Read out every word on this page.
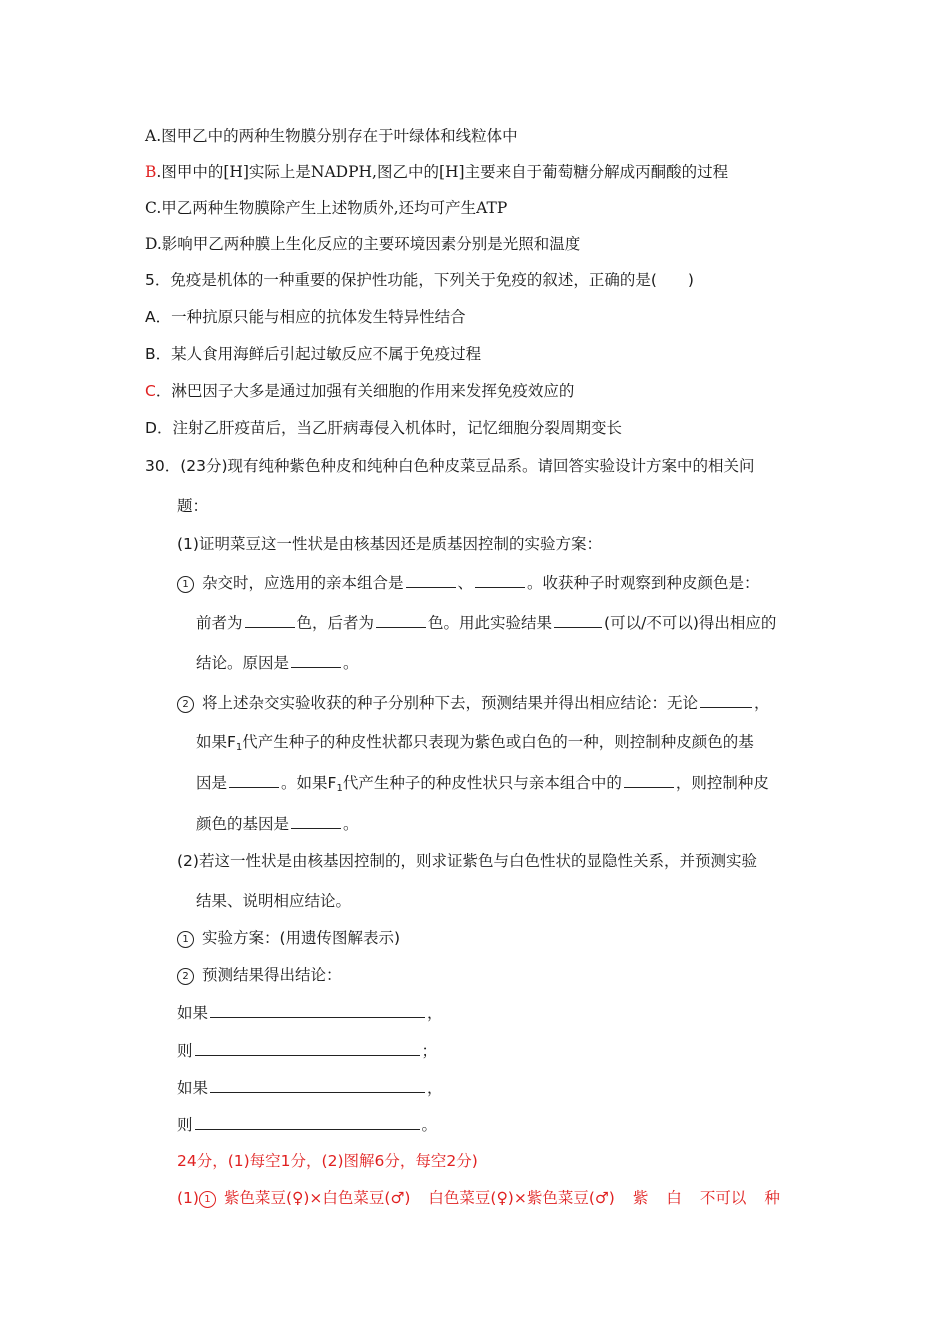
A.图甲乙中的两种生物膜分别存在于叶绿体和线粒体中
B.图甲中的[H]实际上是NADPH,图乙中的[H]主要来自于葡萄糖分解成丙酮酸的过程
C.甲乙两种生物膜除产生上述物质外,还均可产生ATP
D.影响甲乙两种膜上生化反应的主要环境因素分别是光照和温度
5．免疫是机体的一种重要的保护性功能，下列关于免疫的叙述，正确的是(　　)
A．一种抗原只能与相应的抗体发生特异性结合
B．某人食用海鲜后引起过敏反应不属于免疫过程
C．淋巴因子大多是通过加强有关细胞的作用来发挥免疫效应的
D．注射乙肝疫苗后，当乙肝病毒侵入机体时，记忆细胞分裂周期变长
30．(23分)现有纯种紫色种皮和纯种白色种皮菜豆品系。请回答实验设计方案中的相关问
题：
(1)证明菜豆这一性状是由核基因还是质基因控制的实验方案：
1 杂交时，应选用的亲本组合是	、	。收获种子时观察到种皮颜色是：
前者为	色，后者为	色。用此实验结果	(可以/不可以)得出相应的
结论。原因是	。
2 将上述杂交实验收获的种子分别种下去，预测结果并得出相应结论：无论	，
如果$F_1$代产生种子的种皮性状都只表现为紫色或白色的一种，则控制种皮颜色的基
因是	。如果$F_1$代产生种子的种皮性状只与亲本组合中的	，则控制种皮
颜色的基因是	。
(2)若这一性状是由核基因控制的，则求证紫色与白色性状的显隐性关系，并预测实验
结果、说明相应结论。
1 实验方案：(用遗传图解表示)
2 预测结果得出结论：
如果	，
则	；
如果	，
则	。
24分，(1)每空1分，(2)图解6分，每空2分)
(1) 1 紫色菜豆(♀)×白色菜豆(♂) 白色菜豆(♀)×紫色菜豆(♂) 紫 白 不可以 种
